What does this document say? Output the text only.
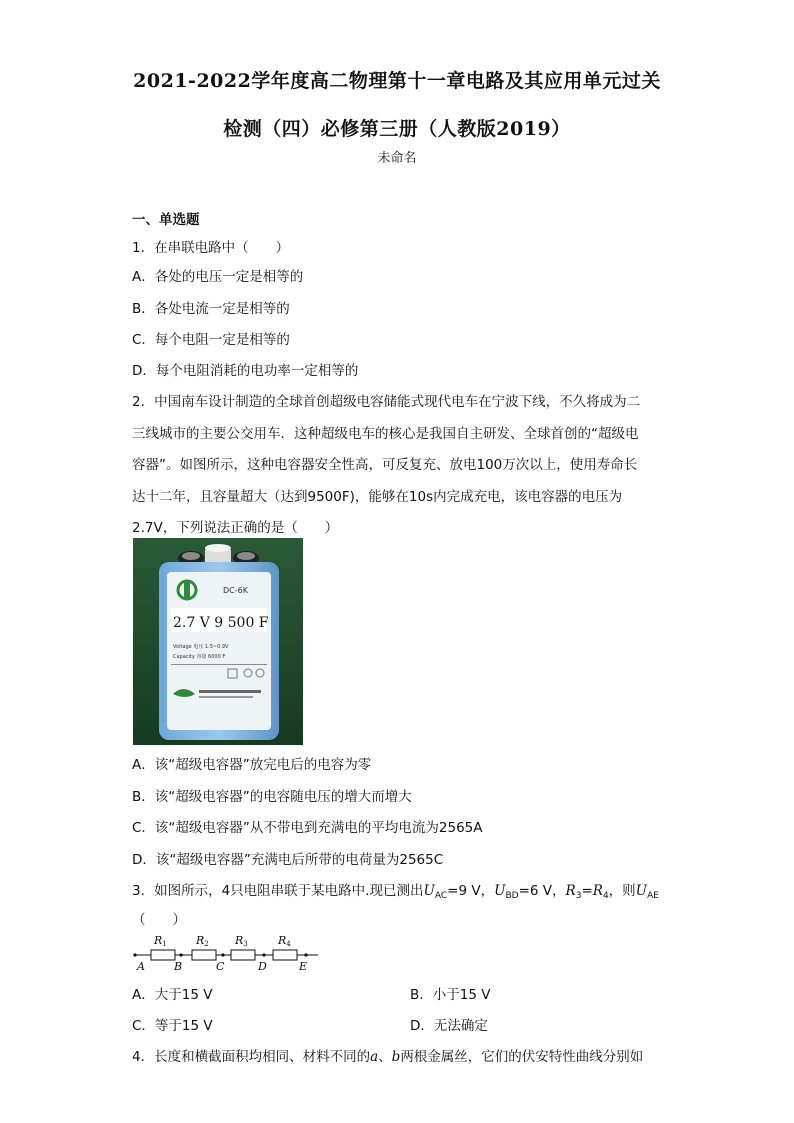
2021-2022学年度高二物理第十一章电路及其应用单元过关
检测（四）必修第三册（人教版2019）
未命名
一、单选题
1．在串联电路中（　　）
A．各处的电压一定是相等的
B．各处电流一定是相等的
C．每个电阻一定是相等的
D．每个电阻消耗的电功率一定相等的
2．中国南车设计制造的全球首创超级电容储能式现代电车在宁波下线，不久将成为二
三线城市的主要公交用车．这种超级电车的核心是我国自主研发、全球首创的“超级电
容器”。如图所示，这种电容器安全性高，可反复充、放电100万次以上，使用寿命长
达十二年，且容量超大（达到9500F)，能够在10s内完成充电，该电容器的电压为
2.7V，下列说法正确的是（　　）
DC-6K
2.7 V 9 500 F
Voltage 电压 1.5~0.9V
Capacity 容量 6000 F
A．该“超级电容器”放完电后的电容为零
B．该“超级电容器”的电容随电压的增大而增大
C．该“超级电容器”从不带电到充满电的平均电流为2565A
D．该“超级电容器”充满电后所带的电荷量为2565C
3．如图所示，4只电阻串联于某电路中.现已测出$U_{AC}=9$ V，$U_{BD}=6$ V，$R_3=R_4$，则$U_{AE}$
（　　）
R1	R2 R3	R4
A	B	C	D	E
A．大于15 V	B．小于15 V
C．等于15 V	D．无法确定
4．长度和横截面积均相同、材料不同的a、b两根金属丝，它们的伏安特性曲线分别如
